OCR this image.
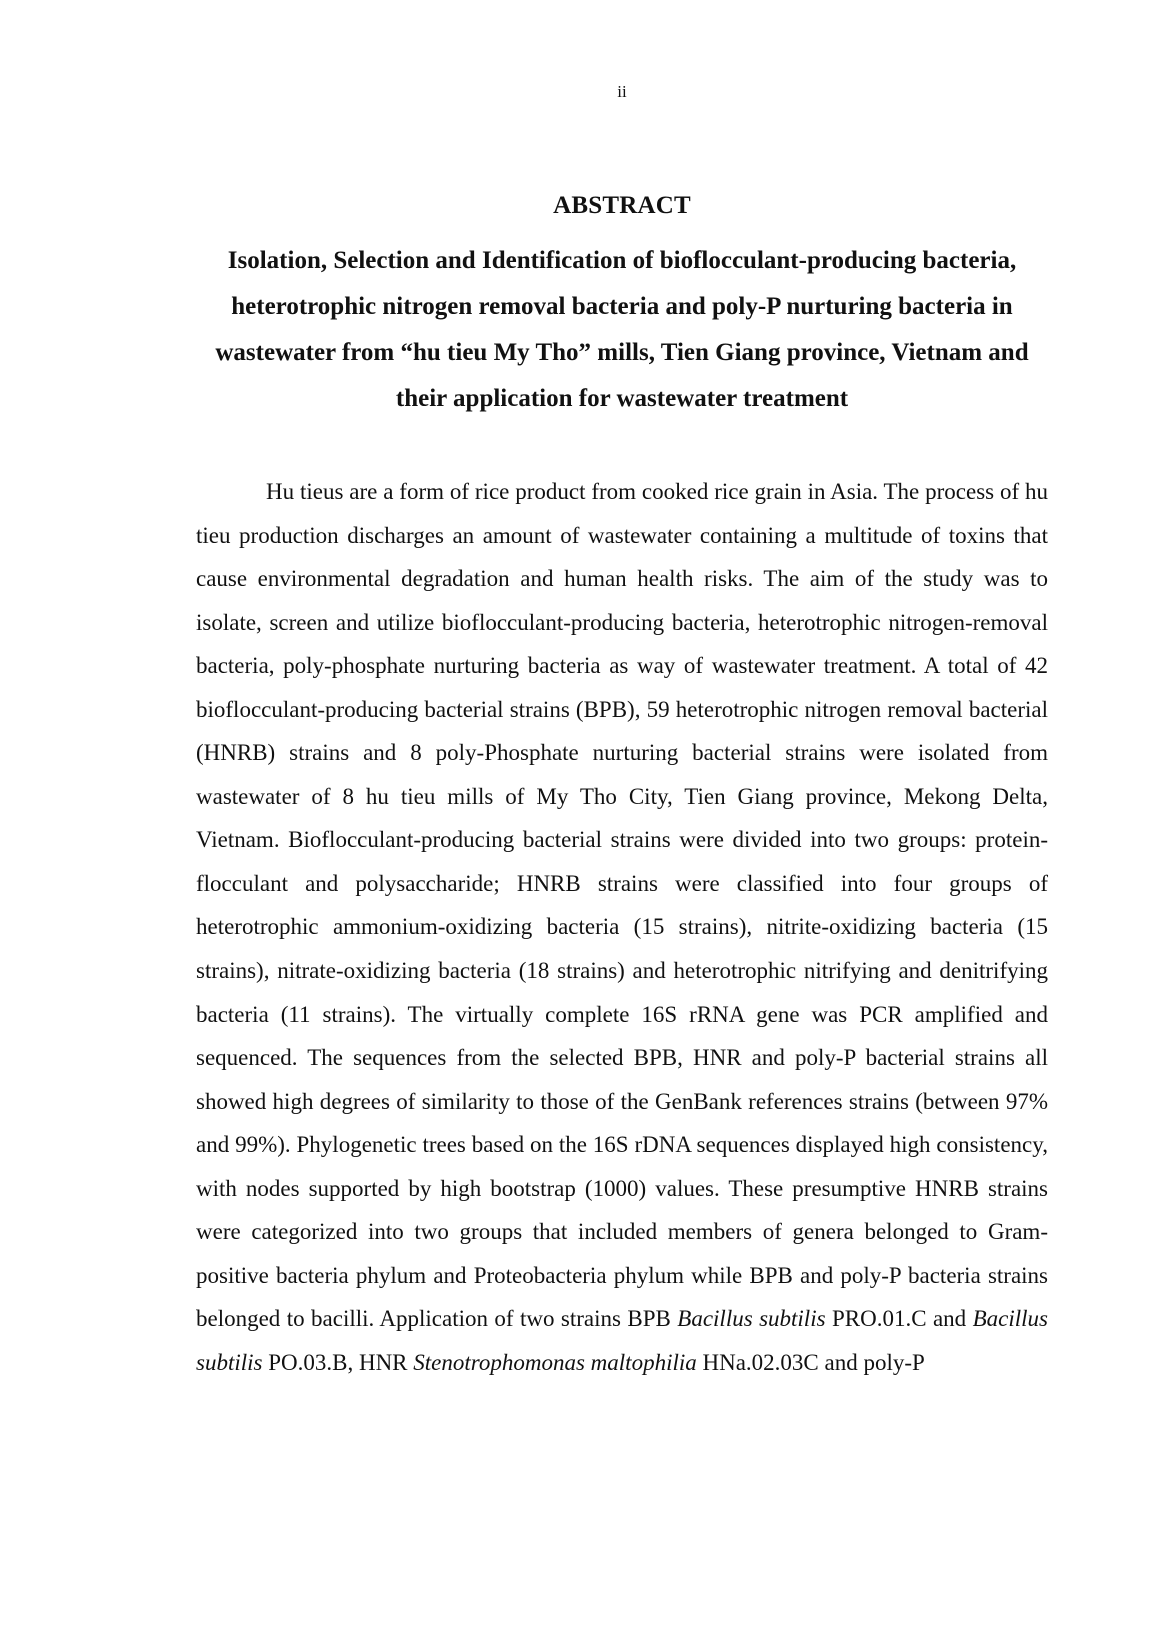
ii
ABSTRACT
Isolation, Selection and Identification of bioflocculant-producing bacteria, heterotrophic nitrogen removal bacteria and poly-P nurturing bacteria in wastewater from “hu tieu My Tho” mills, Tien Giang province, Vietnam and their application for wastewater treatment

Hu tieus are a form of rice product from cooked rice grain in Asia. The process of hu tieu production discharges an amount of wastewater containing a multitude of toxins that cause environmental degradation and human health risks. The aim of the study was to isolate, screen and utilize bioflocculant-producing bacteria, heterotrophic nitrogen-removal bacteria, poly-phosphate nurturing bacteria as way of wastewater treatment. A total of 42 bioflocculant-producing bacterial strains (BPB), 59 heterotrophic nitrogen removal bacterial (HNRB) strains and 8 poly-Phosphate nurturing bacterial strains were isolated from wastewater of 8 hu tieu mills of My Tho City, Tien Giang province, Mekong Delta, Vietnam. Bioflocculant-producing bacterial strains were divided into two groups: protein-flocculant and polysaccharide; HNRB strains were classified into four groups of heterotrophic ammonium-oxidizing bacteria (15 strains), nitrite-oxidizing bacteria (15 strains), nitrate-oxidizing bacteria (18 strains) and heterotrophic nitrifying and denitrifying bacteria (11 strains). The virtually complete 16S rRNA gene was PCR amplified and sequenced. The sequences from the selected BPB, HNR and poly-P bacterial strains all showed high degrees of similarity to those of the GenBank references strains (between 97% and 99%). Phylogenetic trees based on the 16S rDNA sequences displayed high consistency, with nodes supported by high bootstrap (1000) values. These presumptive HNRB strains were categorized into two groups that included members of genera belonged to Gram-positive bacteria phylum and Proteobacteria phylum while BPB and poly-P bacteria strains belonged to bacilli. Application of two strains BPB Bacillus subtilis PRO.01.C and Bacillus subtilis PO.03.B, HNR Stenotrophomonas maltophilia HNa.02.03C and poly-P
